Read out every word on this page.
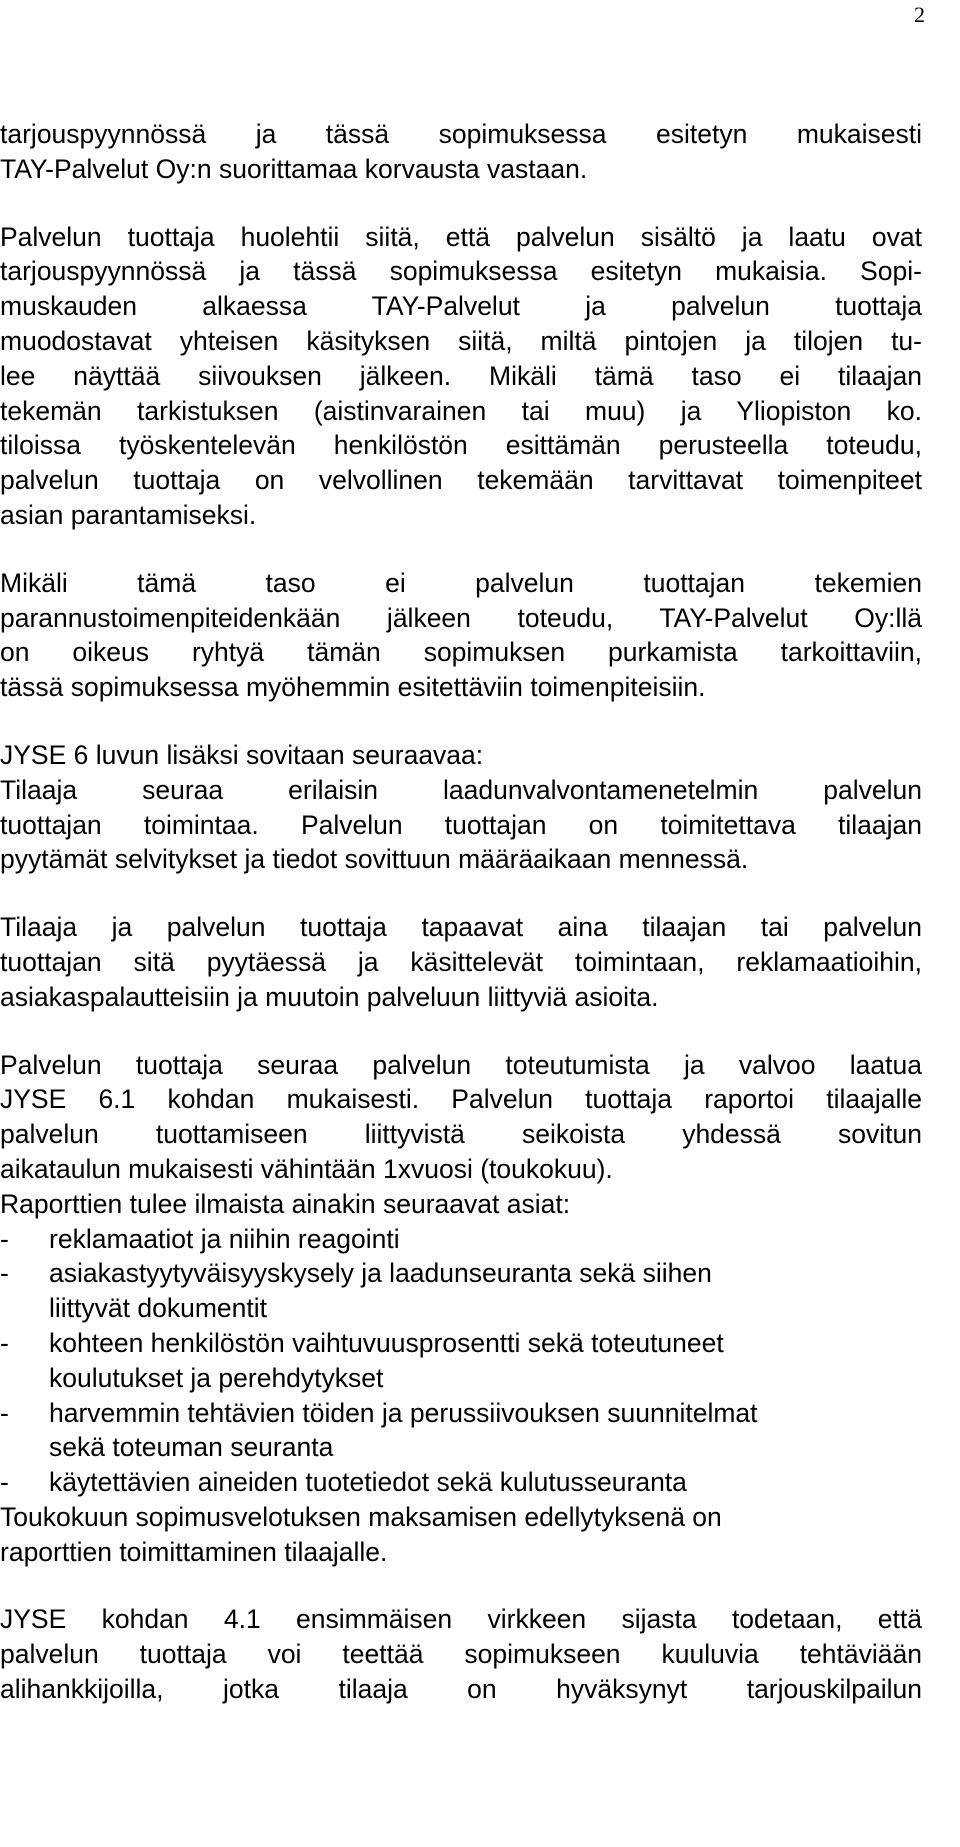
2
tarjouspyynnössä ja tässä sopimuksessa esitetyn mukaisesti
TAY-Palvelut Oy:n suorittamaa korvausta vastaan.
Palvelun tuottaja huolehtii siitä, että palvelun sisältö ja laatu ovat
tarjouspyynnössä ja tässä sopimuksessa esitetyn mukaisia. Sopi-
muskauden alkaessa TAY-Palvelut ja palvelun tuottaja
muodostavat yhteisen käsityksen siitä, miltä pintojen ja tilojen tu-
lee näyttää siivouksen jälkeen. Mikäli tämä taso ei tilaajan
tekemän tarkistuksen (aistinvarainen tai muu) ja Yliopiston ko.
tiloissa työskentelevän henkilöstön esittämän perusteella toteudu,
palvelun tuottaja on velvollinen tekemään tarvittavat toimenpiteet
asian parantamiseksi.
Mikäli tämä taso ei palvelun tuottajan tekemien
parannustoimenpiteidenkään jälkeen toteudu, TAY-Palvelut Oy:llä
on oikeus ryhtyä tämän sopimuksen purkamista tarkoittaviin,
tässä sopimuksessa myöhemmin esitettäviin toimenpiteisiin.
JYSE 6 luvun lisäksi sovitaan seuraavaa:
Tilaaja seuraa erilaisin laadunvalvontamenetelmin palvelun
tuottajan toimintaa. Palvelun tuottajan on toimitettava tilaajan
pyytämät selvitykset ja tiedot sovittuun määräaikaan mennessä.
Tilaaja ja palvelun tuottaja tapaavat aina tilaajan tai palvelun
tuottajan sitä pyytäessä ja käsittelevät toimintaan, reklamaatioihin,
asiakaspalautteisiin ja muutoin palveluun liittyviä asioita.
Palvelun tuottaja seuraa palvelun toteutumista ja valvoo laatua
JYSE 6.1 kohdan mukaisesti. Palvelun tuottaja raportoi tilaajalle
palvelun tuottamiseen liittyvistä seikoista yhdessä sovitun
aikataulun mukaisesti vähintään 1xvuosi (toukokuu).
Raporttien tulee ilmaista ainakin seuraavat asiat:
- reklamaatiot ja niihin reagointi
- asiakastyytyväisyyskysely ja laadunseuranta sekä siihen
liittyvät dokumentit
- kohteen henkilöstön vaihtuvuusprosentti sekä toteutuneet
koulutukset ja perehdytykset
- harvemmin tehtävien töiden ja perussiivouksen suunnitelmat
sekä toteuman seuranta
- käytettävien aineiden tuotetiedot sekä kulutusseuranta
Toukokuun sopimusvelotuksen maksamisen edellytyksenä on
raporttien toimittaminen tilaajalle.
JYSE kohdan 4.1 ensimmäisen virkkeen sijasta todetaan, että
palvelun tuottaja voi teettää sopimukseen kuuluvia tehtäviään
alihankkijoilla, jotka tilaaja on hyväksynyt tarjouskilpailun
